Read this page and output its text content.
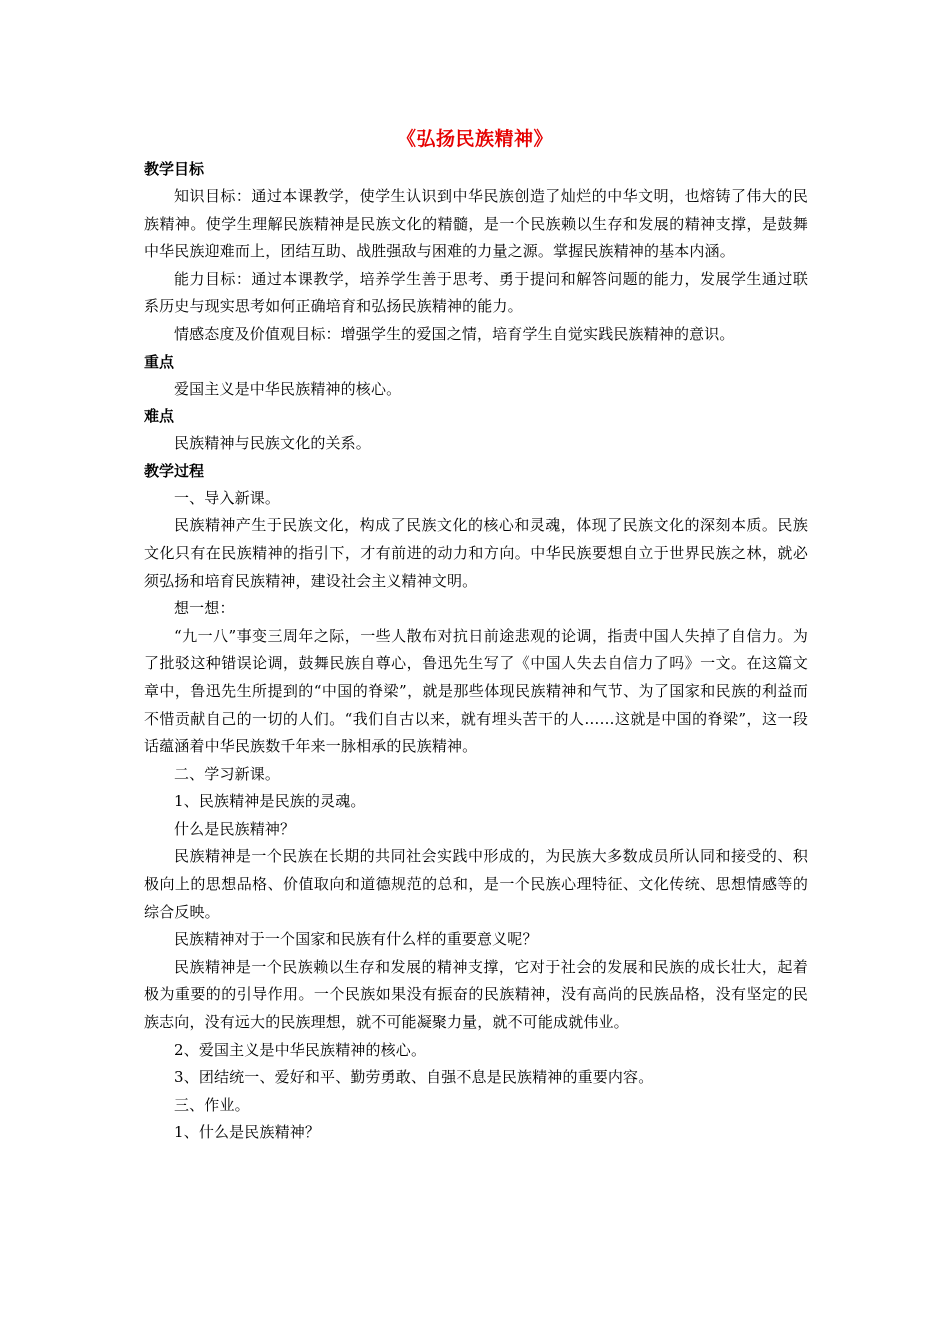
《弘扬民族精神》

教学目标

知识目标：通过本课教学，使学生认识到中华民族创造了灿烂的中华文明，也熔铸了伟大的民族精神。使学生理解民族精神是民族文化的精髓，是一个民族赖以生存和发展的精神支撑，是鼓舞中华民族迎难而上，团结互助、战胜强敌与困难的力量之源。掌握民族精神的基本内涵。

能力目标：通过本课教学，培养学生善于思考、勇于提问和解答问题的能力，发展学生通过联系历史与现实思考如何正确培育和弘扬民族精神的能力。

情感态度及价值观目标：增强学生的爱国之情，培育学生自觉实践民族精神的意识。

重点

爱国主义是中华民族精神的核心。

难点

民族精神与民族文化的关系。

教学过程

一、导入新课。

民族精神产生于民族文化，构成了民族文化的核心和灵魂，体现了民族文化的深刻本质。民族文化只有在民族精神的指引下，才有前进的动力和方向。中华民族要想自立于世界民族之林，就必须弘扬和培育民族精神，建设社会主义精神文明。

想一想：

“九一八”事变三周年之际，一些人散布对抗日前途悲观的论调，指责中国人失掉了自信力。为了批驳这种错误论调，鼓舞民族自尊心，鲁迅先生写了《中国人失去自信力了吗》一文。在这篇文章中，鲁迅先生所提到的“中国的脊梁”，就是那些体现民族精神和气节、为了国家和民族的利益而不惜贡献自己的一切的人们。“我们自古以来，就有埋头苦干的人……这就是中国的脊梁”，这一段话蕴涵着中华民族数千年来一脉相承的民族精神。

二、学习新课。

1、民族精神是民族的灵魂。

什么是民族精神？

民族精神是一个民族在长期的共同社会实践中形成的，为民族大多数成员所认同和接受的、积极向上的思想品格、价值取向和道德规范的总和，是一个民族心理特征、文化传统、思想情感等的综合反映。

民族精神对于一个国家和民族有什么样的重要意义呢？

民族精神是一个民族赖以生存和发展的精神支撑，它对于社会的发展和民族的成长壮大，起着极为重要的的引导作用。一个民族如果没有振奋的民族精神，没有高尚的民族品格，没有坚定的民族志向，没有远大的民族理想，就不可能凝聚力量，就不可能成就伟业。

2、爱国主义是中华民族精神的核心。

3、团结统一、爱好和平、勤劳勇敢、自强不息是民族精神的重要内容。

三、作业。

1、什么是民族精神？
